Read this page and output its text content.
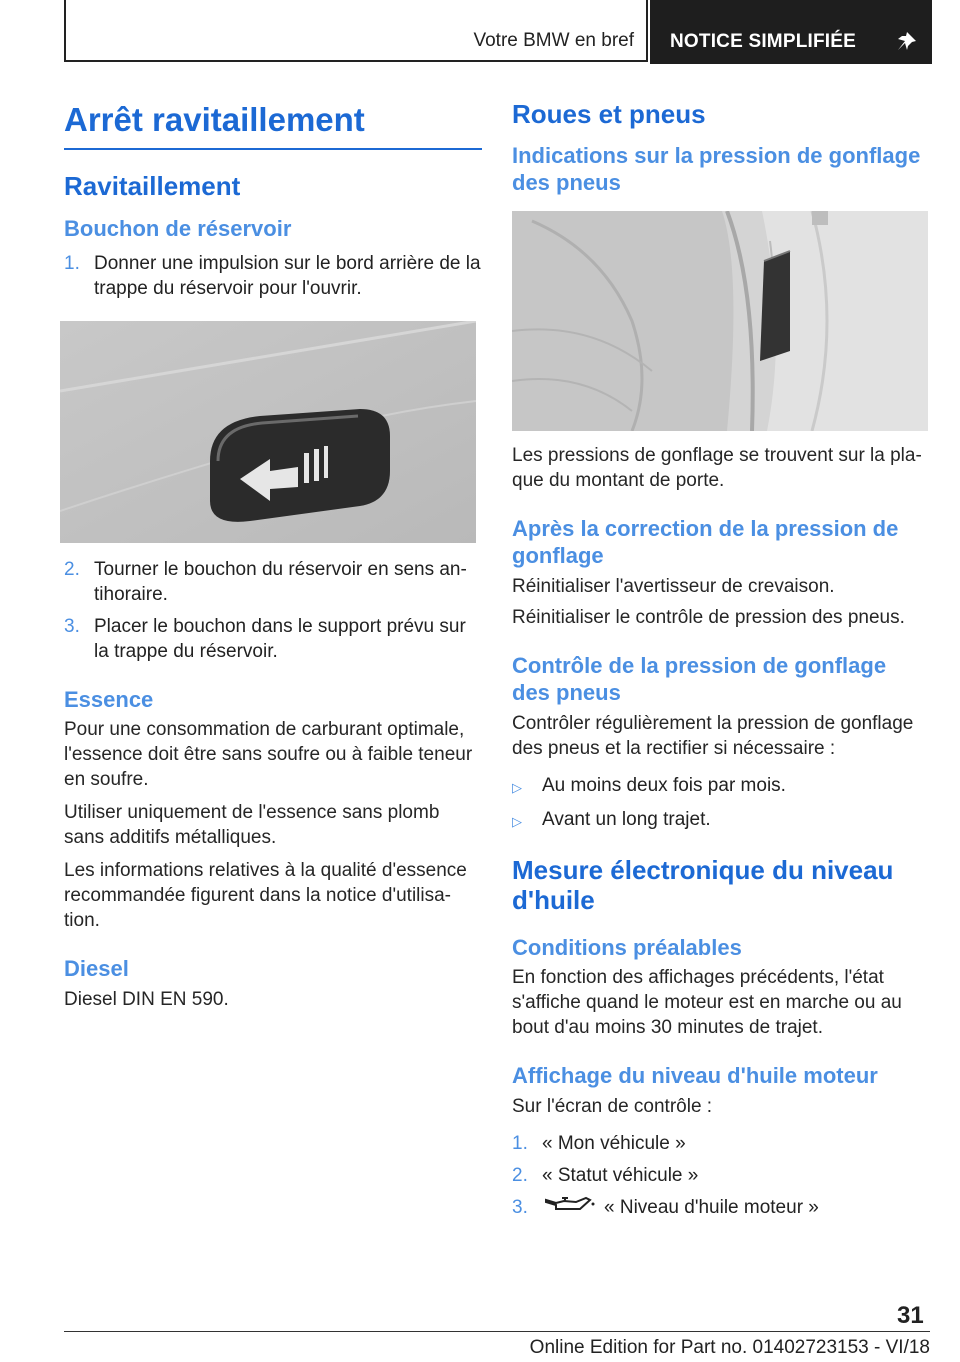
Votre BMW en bref NOTICE SIMPLIFIÉE
Arrêt ravitaillement
Ravitaillement
Bouchon de réservoir
1. Donner une impulsion sur le bord arrière de la trappe du réservoir pour l'ouvrir.
2. Tourner le bouchon du réservoir en sens an-tihoraire.
3. Placer le bouchon dans le support prévu sur la trappe du réservoir.
Essence

Pour une consommation de carburant optimale, l'essence doit être sans soufre ou à faible teneur en soufre.

Utiliser uniquement de l'essence sans plomb sans additifs métalliques.

Les informations relatives à la qualité d'essence recommandée figurent dans la notice d'utilisa-tion.

Diesel

Diesel DIN EN 590.

Roues et pneus
Indications sur la pression de gonflage des pneus

Les pressions de gonflage se trouvent sur la pla-que du montant de porte.

Après la correction de la pression de gonflage

Réinitialiser l'avertisseur de crevaison.

Réinitialiser le contrôle de pression des pneus.

Contrôle de la pression de gonflage des pneus

Contrôler régulièrement la pression de gonflage des pneus et la rectifier si nécessaire :

▷	Au moins deux fois par mois.
▷	Avant un long trajet.
Mesure électronique du niveau d'huile
Conditions préalables

En fonction des affichages précédents, l'état s'affiche quand le moteur est en marche ou au bout d'au moins 30 minutes de trajet.

Affichage du niveau d'huile moteur

Sur l'écran de contrôle :

1. « Mon véhicule »
2. « Statut véhicule »
3.	« Niveau d'huile moteur »
31
Online Edition for Part no. 01402723153 - VI/18
